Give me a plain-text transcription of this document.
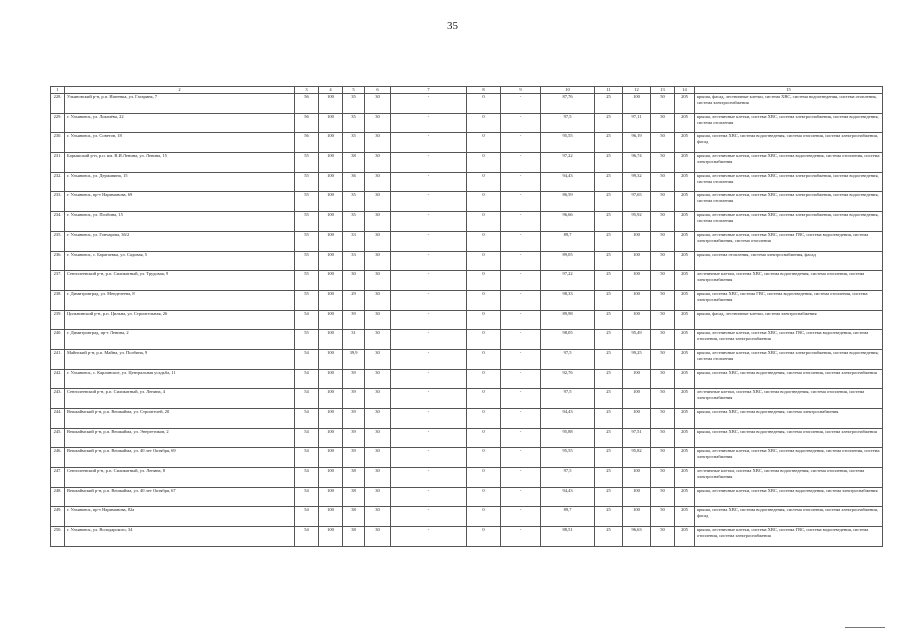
35
1	2	3	4	5	6	7	8	9	10	11	12	13	14	15
228.	Ульяновский р-н, р.п. Ишеевка, ул. Гагарина, 7	56	100	35	30	-	0	-	87,76	25	100	50	205	крыша, фасад, лестничные клетки, система ХВС, система водоотведения, система отопления, система электроснабжения
229.	г. Ульяновск, ул. Локачёва, 22	56	100	35	30	-	0	-	97,5	25	97,11	50	205	крыша, лестничные клетки, система ХВС, система электроснабжения, система водоотведения, система отопления
230.	г. Ульяновск, ул. Советов, 18	56	100	35	30	-	0	-	95,55	25	96,19	50	205	крыша, система ХВС, система водоотведения, система отопления, система электроснабжения, фасад
231.	Барышский р-н, р.п. им. В.И.Ленина, ул. Ленина, 15	55	100	38	30	-	0	-	97,22	25	96,74	50	205	крыша, лестничные клетки, система ХВС, система водоотведения, система отопления, система электроснабжения
232.	г. Ульяновск, ул. Державина, 15	55	100	36	30	-	0	-	94,43	25	99,32	50	205	крыша, лестничные клетки, система ХВС, система электроснабжения, система водоотведения, система отопления
233.	г. Ульяновск, пр-т Нариманова, 69	55	100	35	30	-	0	-	86,59	25	97,65	50	205	крыша, лестничные клетки, система ХВС, система электроснабжения, система водоотведения, система отопления
234.	г. Ульяновск, ул. Полбина, 15	55	100	35	30	-	0	-	96,66	25	95,92	50	205	крыша, лестничные клетки, система ХВС, система электроснабжения, система водоотведения, система отопления
235.	г. Ульяновск, ул. Гончарова, 36/2	55	100	33	30	-	0	-	89,7	25	100	50	205	крыша, лестничные клетки, система ХВС, система ГВС, система водоотведения, система электроснабжения, система отопления
236.	г. Ульяновск, с. Баратаевка, ул. Садовая, 5	55	100	33	30	-	0	-	89,05	25	100	50	205	крыша, система отопления, система электроснабжения, фасад
237.	Сенгилеевский р-н, р.п. Силикатный, ул. Трудовая, 9	55	100	30	30	-	0	-	97,22	25	100	50	205	лестничные клетки, система ХВС, система водоотведения, система отопления, система электроснабжения
238.	г. Димитровград, ул. Менделеева, 8	55	100	29	30	-	0	-	98,33	25	100	50	205	крыша, система ХВС, система ГВС, система водоотведения, система отопления, система электроснабжения
239.	Цильнинский р-н, р.п. Цильна, ул. Строительная, 26	54	100	39	30	-	0	-	89,98	25	100	50	205	крыша, фасад, лестничные клетки, система электроснабжения
240.	г. Димитровград, пр-т Ленина, 2	55	100	31	30	-	0	-	98,05	25	95,49	50	205	крыша, лестничные клетки, система ХВС, система ГВС, система водоотведения, система отопления, система электроснабжения
241.	Майнский р-н, р.п. Майна, ул. Полбина, 9	54	100	39,9	30	-	0	-	97,5	25	99,25	50	205	крыша, лестничные клетки, система ХВС, система электроснабжения, система водоотведения, система отопления
242.	г. Ульяновск, с. Карлинское, ул. Центральная усадьба, 11	54	100	39	30	-	0	-	92,76	25	100	50	205	крыша, система ХВС, система водоотведения, система отопления, система электроснабжения
243.	Сенгилеевский р-н, р.п. Силикатный, ул. Ленина, 4	54	100	39	30	-	0	-	97,5	25	100	50	205	лестничные клетки, система ХВС, система водоотведения, система отопления, система электроснабжения
244.	Вешкаймский р-н, р.п. Вешкайма, ул. Строителей, 20	54	100	39	30	-	0	-	94,43	25	100	50	205	крыша, система ХВС, система водоотведения, система электроснабжения
245.	Вешкаймский р-н, р.п. Вешкайма, ул. Энергетиков, 2	54	100	39	30	-	0	-	95,88	25	97,51	50	205	крыша, система ХВС, система водоотведения, система отопления, система электроснабжения
246.	Вешкаймский р-н, р.п. Вешкайма, ул. 40 лет Октября, 69	54	100	39	30	-	0	-	95,55	25	95,82	50	205	крыша, лестничные клетки, система ХВС, система водоотведения, система отопления, система электроснабжения
247.	Сенгилеевский р-н, р.п. Силикатный, ул. Ленина, 8	54	100	38	30	-	0	-	97,5	25	100	50	205	лестничные клетки, система ХВС, система водоотведения, система отопления, система электроснабжения
248.	Вешкаймский р-н, р.п. Вешкайма, ул. 40 лет Октября, 67	54	100	38	30	-	0	-	94,43	25	100	50	205	крыша, лестничные клетки, система ХВС, система водоотведения, система электроснабжения
249.	г. Ульяновск, пр-т Нариманова, 82а	54	100	38	30	-	0	-	89,7	25	100	50	205	крыша, система ХВС, система водоотведения, система отопления, система электроснабжения, фасад
250.	г. Ульяновск, ул. Володарского, 34	54	100	38	30	-	0	-	88,51	25	96,63	50	205	крыша, лестничные клетки, система ХВС, система ГВС, система водоотведения, система отопления, система электроснабжения
